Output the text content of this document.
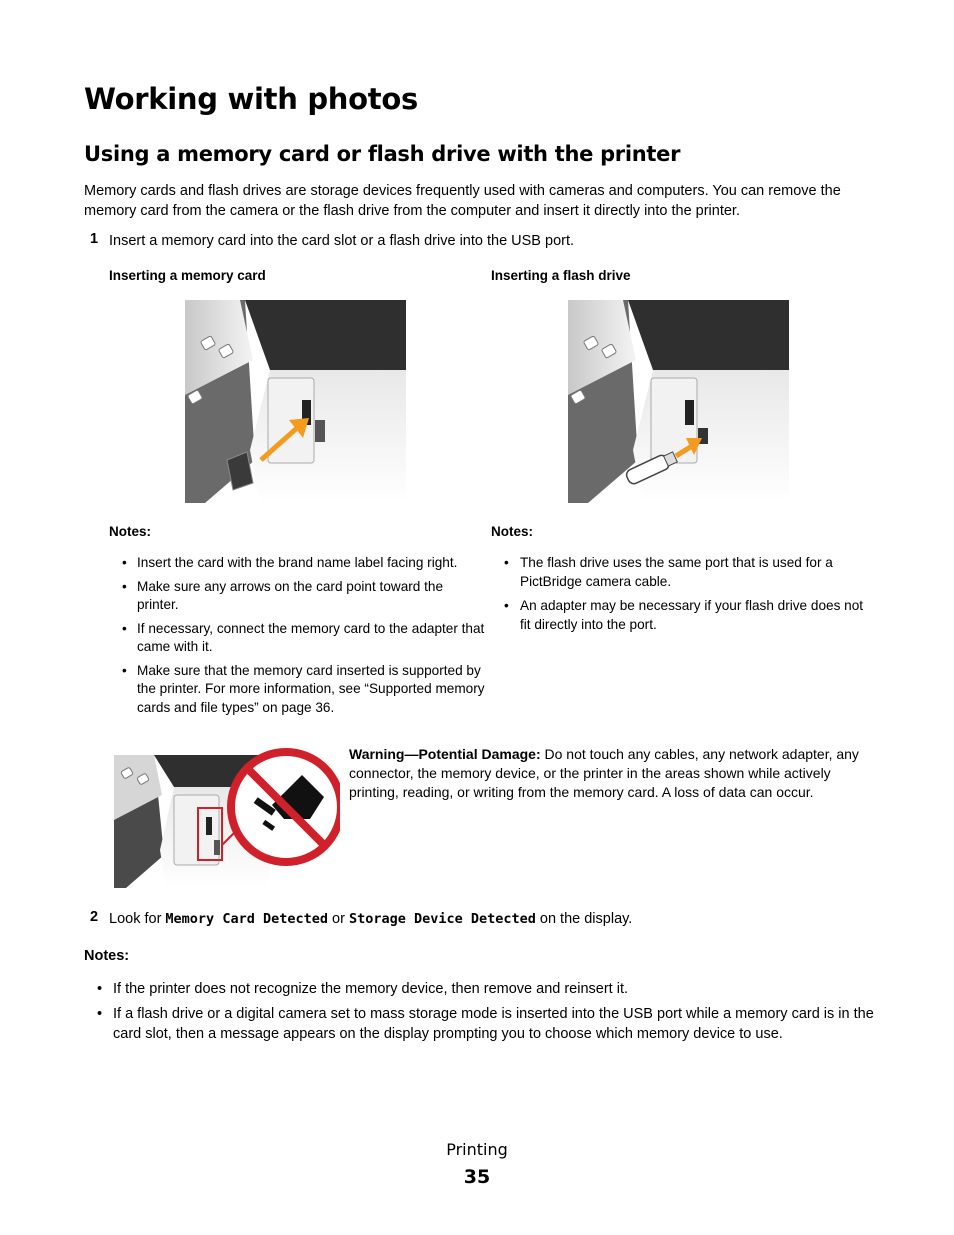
Working with photos
Using a memory card or flash drive with the printer
Memory cards and flash drives are storage devices frequently used with cameras and computers. You can remove the memory card from the camera or the flash drive from the computer and insert it directly into the printer.
1 Insert a memory card into the card slot or a flash drive into the USB port.
Inserting a memory card	Inserting a flash drive
Notes:	Notes:
• Insert the card with the brand name label facing right.
• Make sure any arrows on the card point toward the printer.
• If necessary, connect the memory card to the adapter that came with it.
• Make sure that the memory card inserted is supported by the printer. For more information, see “Supported memory cards and file types” on page 36.
• The flash drive uses the same port that is used for a PictBridge camera cable.
• An adapter may be necessary if your flash drive does not fit directly into the port.
Warning—Potential Damage: Do not touch any cables, any network adapter, any connector, the memory device, or the printer in the areas shown while actively printing, reading, or writing from the memory card. A loss of data can occur.
2 Look for Memory Card Detected or Storage Device Detected on the display.
Notes:
• If the printer does not recognize the memory device, then remove and reinsert it.
• If a flash drive or a digital camera set to mass storage mode is inserted into the USB port while a memory card is in the card slot, then a message appears on the display prompting you to choose which memory device to use.
Printing
35
